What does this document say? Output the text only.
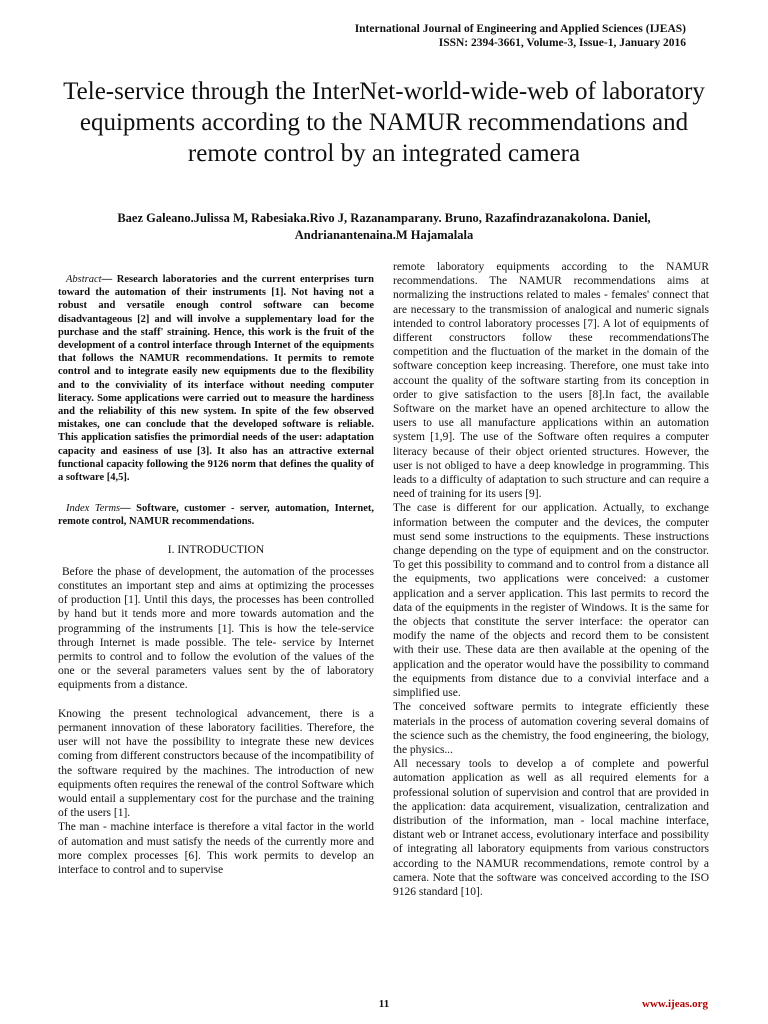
International Journal of Engineering and Applied Sciences (IJEAS)
ISSN: 2394-3661, Volume-3, Issue-1, January 2016
Tele-service through the InterNet-world-wide-web of laboratory equipments according to the NAMUR recommendations and remote control by an integrated camera
Baez Galeano.Julissa M, Rabesiaka.Rivo J, Razanamparany. Bruno, Razafindrazanakolona. Daniel, Andrianantenaina.M Hajamalala

Abstract— Research laboratories and the current enterprises turn toward the automation of their instruments [1]. Not having not a robust and versatile enough control software can become disadvantageous [2] and will involve a supplementary load for the purchase and the staff' straining. Hence, this work is the fruit of the development of a control interface through Internet of the equipments that follows the NAMUR recommendations. It permits to remote control and to integrate easily new equipments due to the flexibility and to the conviviality of its interface without needing computer literacy. Some applications were carried out to measure the hardiness and the reliability of this new system. In spite of the few observed mistakes, one can conclude that the developed software is reliable. This application satisfies the primordial needs of the user: adaptation capacity and easiness of use [3]. It also has an attractive external functional capacity following the 9126 norm that defines the quality of a software [4,5].

Index Terms— Software, customer - server, automation, Internet, remote control, NAMUR recommendations.

I. INTRODUCTION

Before the phase of development, the automation of the processes constitutes an important step and aims at optimizing the processes of production [1]. Until this days, the processes has been controlled by hand but it tends more and more towards automation and the programming of the instruments [1]. This is how the tele-service through Internet is made possible. The tele- service by Internet permits to control and to follow the evolution of the values of the one or the several parameters values sent by the of laboratory equipments from a distance.

Knowing the present technological advancement, there is a permanent innovation of these laboratory facilities. Therefore, the user will not have the possibility to integrate these new devices coming from different constructors because of the incompatibility of the software required by the machines. The introduction of new equipments often requires the renewal of the control Software which would entail a supplementary cost for the purchase and the training of the users [1].

The man - machine interface is therefore a vital factor in the world of automation and must satisfy the needs of the currently more and more complex processes [6]. This work permits to develop an interface to control and to supervise

remote laboratory equipments according to the NAMUR recommendations. The NAMUR recommendations aims at normalizing the instructions related to males - females' connect that are necessary to the transmission of analogical and numeric signals intended to control laboratory processes [7]. A lot of equipments of different constructors follow these recommendationsThe competition and the fluctuation of the market in the domain of the software conception keep increasing. Therefore, one must take into account the quality of the software starting from its conception in order to give satisfaction to the users [8].In fact, the available Software on the market have an opened architecture to allow the users to use all manufacture applications within an automation system [1,9]. The use of the Software often requires a computer literacy because of their object oriented structures. However, the user is not obliged to have a deep knowledge in programming. This leads to a difficulty of adaptation to such structure and can require a need of training for its users [9].

The case is different for our application. Actually, to exchange information between the computer and the devices, the computer must send some instructions to the equipments. These instructions change depending on the type of equipment and on the constructor. To get this possibility to command and to control from a distance all the equipments, two applications were conceived: a customer application and a server application. This last permits to record the data of the equipments in the register of Windows. It is the same for the objects that constitute the server interface: the operator can modify the name of the objects and record them to be consistent with their use. These data are then available at the opening of the application and the operator would have the possibility to command the equipments from distance due to a convivial interface and a simplified use.

The conceived software permits to integrate efficiently these materials in the process of automation covering several domains of the science such as the chemistry, the food engineering, the biology, the physics...

All necessary tools to develop a of complete and powerful automation application as well as all required elements for a professional solution of supervision and control that are provided in the application: data acquirement, visualization, centralization and distribution of the information, man - local machine interface, distant web or Intranet access, evolutionary interface and possibility of integrating all laboratory equipments from various constructors according to the NAMUR recommendations, remote control by a camera. Note that the software was conceived according to the ISO 9126 standard [10].

11	www.ijeas.org
